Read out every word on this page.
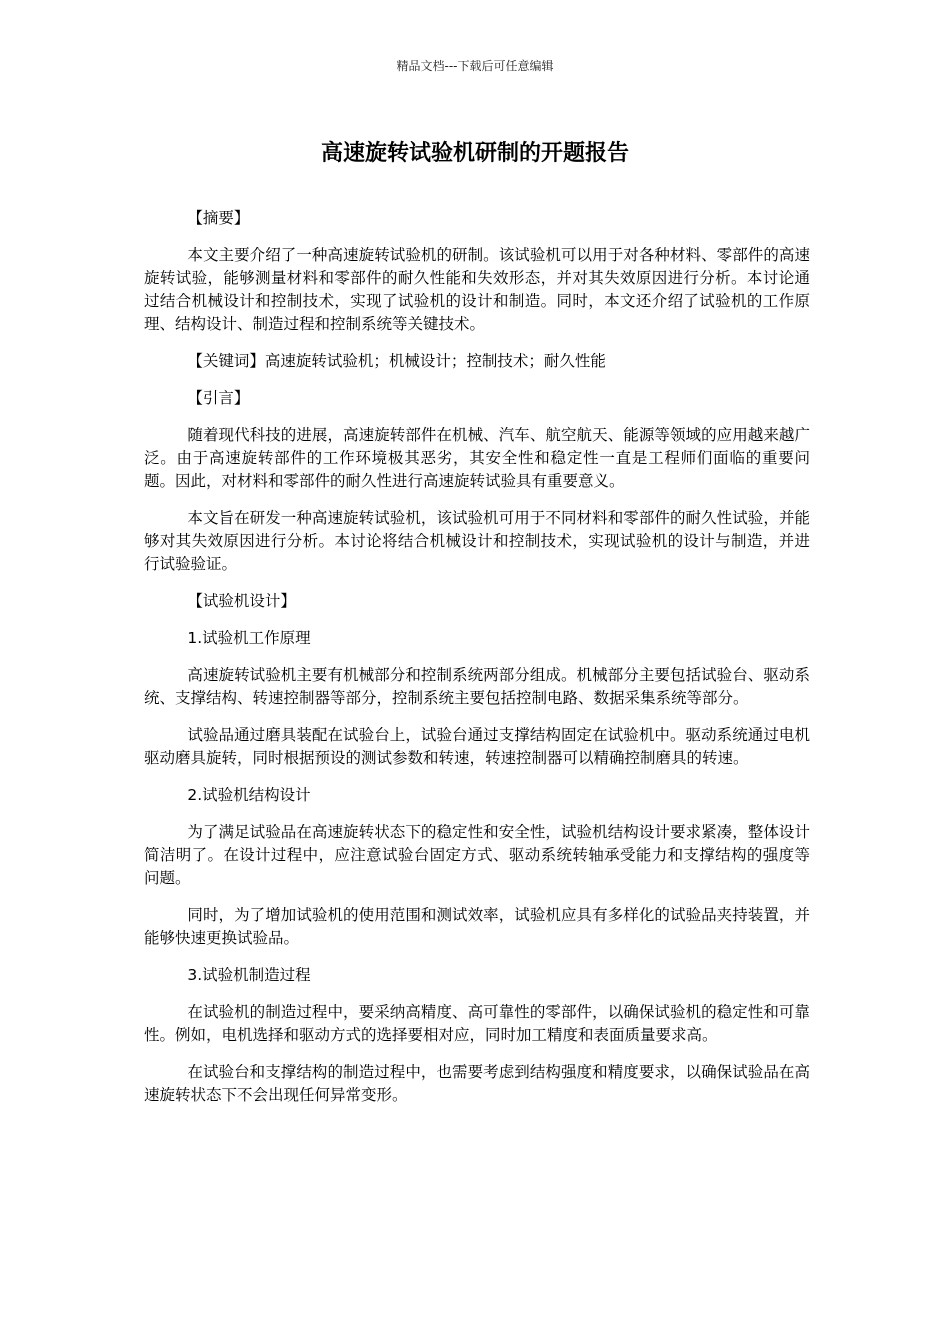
精品文档---下载后可任意编辑
高速旋转试验机研制的开题报告

【摘要】

本文主要介绍了一种高速旋转试验机的研制。该试验机可以用于对各种材料、零部件的高速旋转试验，能够测量材料和零部件的耐久性能和失效形态，并对其失效原因进行分析。本讨论通过结合机械设计和控制技术，实现了试验机的设计和制造。同时，本文还介绍了试验机的工作原理、结构设计、制造过程和控制系统等关键技术。

【关键词】高速旋转试验机；机械设计；控制技术；耐久性能

【引言】

随着现代科技的进展，高速旋转部件在机械、汽车、航空航天、能源等领域的应用越来越广泛。由于高速旋转部件的工作环境极其恶劣，其安全性和稳定性一直是工程师们面临的重要问题。因此，对材料和零部件的耐久性进行高速旋转试验具有重要意义。

本文旨在研发一种高速旋转试验机，该试验机可用于不同材料和零部件的耐久性试验，并能够对其失效原因进行分析。本讨论将结合机械设计和控制技术，实现试验机的设计与制造，并进行试验验证。

【试验机设计】

1.试验机工作原理

高速旋转试验机主要有机械部分和控制系统两部分组成。机械部分主要包括试验台、驱动系统、支撑结构、转速控制器等部分，控制系统主要包括控制电路、数据采集系统等部分。

试验品通过磨具装配在试验台上，试验台通过支撑结构固定在试验机中。驱动系统通过电机驱动磨具旋转，同时根据预设的测试参数和转速，转速控制器可以精确控制磨具的转速。

2.试验机结构设计

为了满足试验品在高速旋转状态下的稳定性和安全性，试验机结构设计要求紧凑，整体设计简洁明了。在设计过程中，应注意试验台固定方式、驱动系统转轴承受能力和支撑结构的强度等问题。

同时，为了增加试验机的使用范围和测试效率，试验机应具有多样化的试验品夹持装置，并能够快速更换试验品。

3.试验机制造过程

在试验机的制造过程中，要采纳高精度、高可靠性的零部件，以确保试验机的稳定性和可靠性。例如，电机选择和驱动方式的选择要相对应，同时加工精度和表面质量要求高。

在试验台和支撑结构的制造过程中，也需要考虑到结构强度和精度要求，以确保试验品在高速旋转状态下不会出现任何异常变形。
